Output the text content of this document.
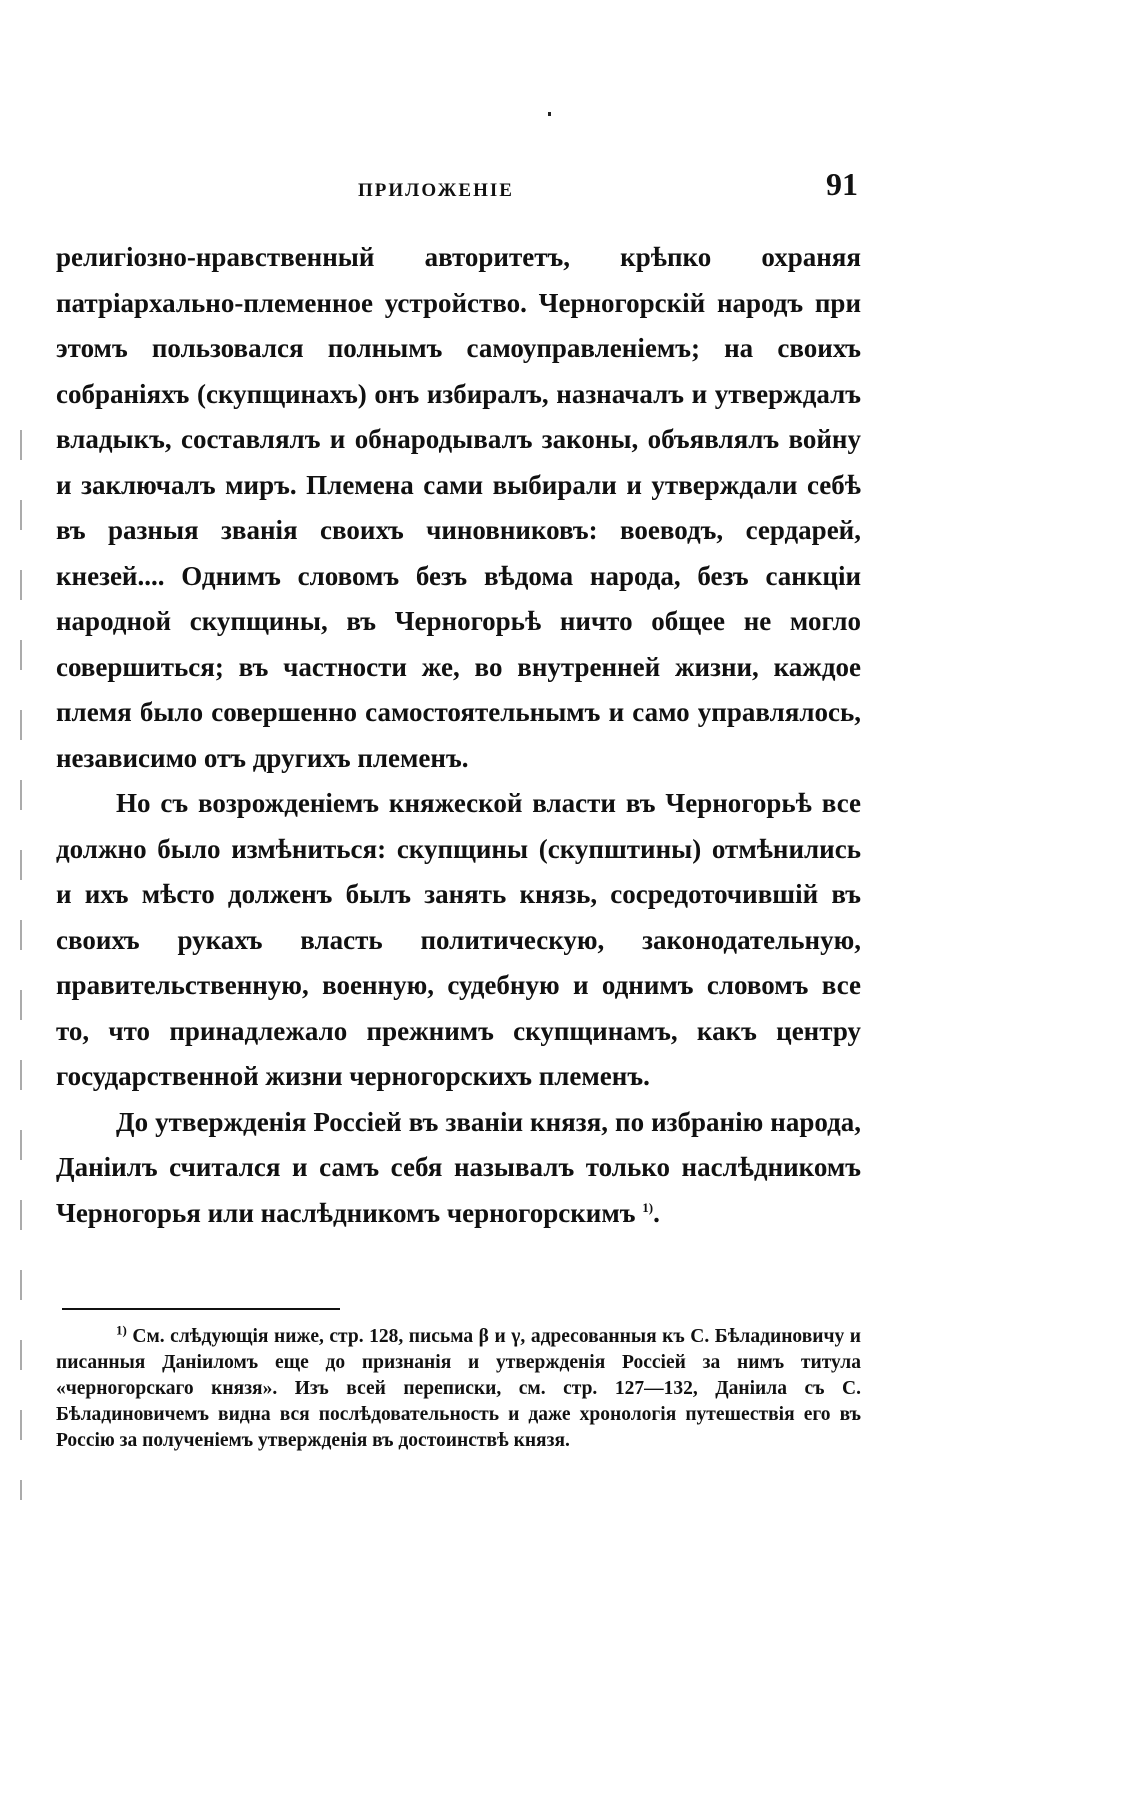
ПРИЛОЖЕНІЕ	91

религіозно-нравственный авторитетъ, крѣпко охраняя патріархально-племенное устройство. Черногорскій народъ при этомъ пользовался полнымъ самоуправленіемъ; на своихъ собраніяхъ (скупщинахъ) онъ избиралъ, назначалъ и утверждалъ владыкъ, составлялъ и обнародывалъ законы, объявлялъ войну и заключалъ миръ. Племена сами выбирали и утверждали себѣ въ разныя званія своихъ чиновниковъ: воеводъ, сердарей, кнезей.... Однимъ словомъ безъ вѣдома народа, безъ санкціи народной скупщины, въ Черногорьѣ ничто общее не могло совершиться; въ частности же, во внутренней жизни, каждое племя было совершенно самостоятельнымъ и само управлялось, независимо отъ другихъ племенъ.

Но съ возрожденіемъ княжеской власти въ Черногорьѣ все должно было измѣниться: скупщины (скупштины) отмѣнились и ихъ мѣсто долженъ былъ занять князь, сосредоточившій въ своихъ рукахъ власть политическую, законодательную, правительственную, военную, судебную и однимъ словомъ все то, что принадлежало прежнимъ скупщинамъ, какъ центру государственной жизни черногорскихъ племенъ.

До утвержденія Россіей въ званіи князя, по избранію народа, Даніилъ считался и самъ себя называлъ только наслѣдникомъ Черногорья или наслѣдникомъ черногорскимъ $^{1)}$.

$^{1)}$ См. слѣдующія ниже, стр. 128, письма β и γ, адресованныя къ С. Бѣладиновичу и писанныя Даніиломъ еще до признанія и утвержденія Россіей за нимъ титула «черногорскаго князя». Изъ всей переписки, см. стр. 127—132, Даніила съ С. Бѣладиновичемъ видна вся послѣдовательность и даже хронологія путешествія его въ Россію за полученіемъ утвержденія въ достоинствѣ князя.
